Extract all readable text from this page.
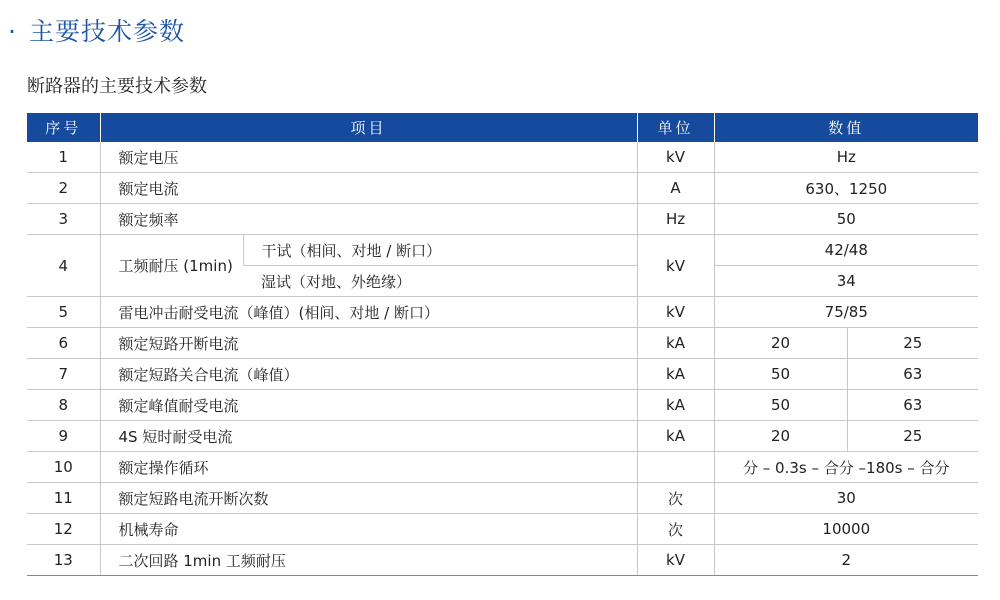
· 主要技术参数
断路器的主要技术参数
序号	项目		单位	数值	
1	额定电压		kV	Hz	
2	额定电流		A	630、1250	
3	额定频率		Hz	50	
4	工频耐压 (1min)	干试（相间、对地 / 断口）	kV	42/48	
		湿试（对地、外绝缘）		34	
5	雷电冲击耐受电流（峰值）(相间、对地 / 断口）		kV	75/85	
6	额定短路开断电流		kA	20	25
7	额定短路关合电流（峰值）		kA	50	63
8	额定峰值耐受电流		kA	50	63
9	4S 短时耐受电流		kA	20	25
10	额定操作循环			分 – 0.3s – 合分 –180s – 合分	
11	额定短路电流开断次数		次	30	
12	机械寿命		次	10000	
13	二次回路 1min 工频耐压		kV	2	
